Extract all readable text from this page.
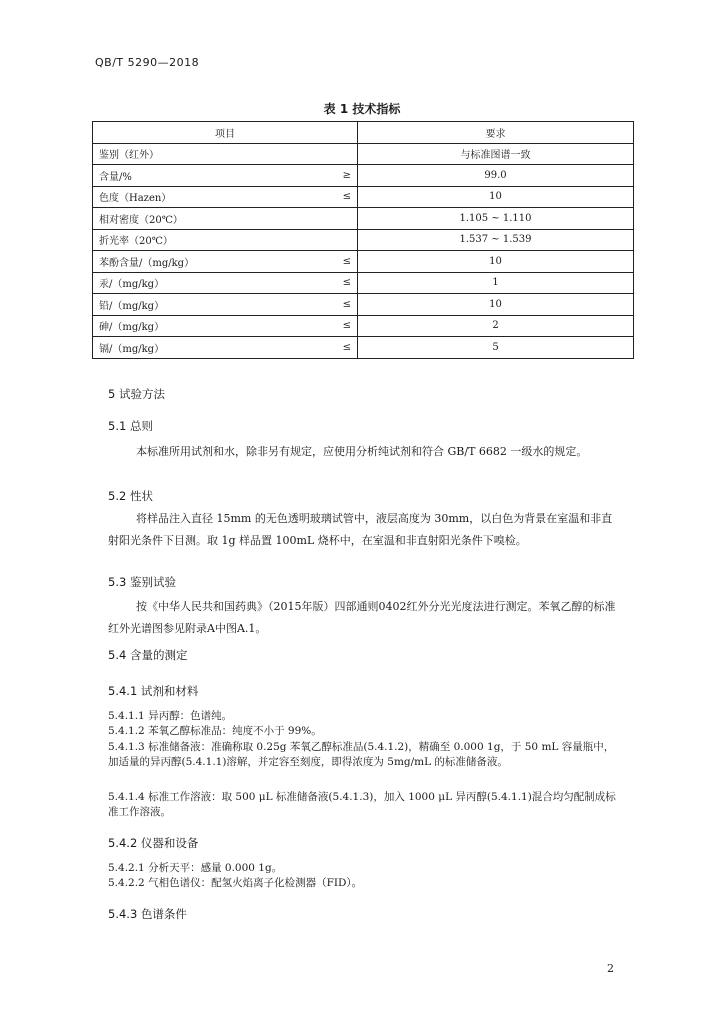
QB/T 5290—2018
表 1 技术指标
项目		要求
鉴别（红外）		与标准图谱一致
含量/%	≥	99.0
色度（Hazen）	≤	10
相对密度（20℃）		1.105 ~ 1.110
折光率（20℃）		1.537 ~ 1.539
苯酚含量/（mg/kg）	≤	10
汞/（mg/kg）	≤	1
铅/（mg/kg）	≤	10
砷/（mg/kg）	≤	2
镉/（mg/kg）	≤	5
5 试验方法
5.1 总则
本标准所用试剂和水，除非另有规定，应使用分析纯试剂和符合 GB/T 6682 一级水的规定。
5.2 性状
将样品注入直径 15mm 的无色透明玻璃试管中，液层高度为 30mm，以白色为背景在室温和非直射阳光条件下目测。取 1g 样品置 100mL 烧杯中，在室温和非直射阳光条件下嗅检。
5.3 鉴别试验
按《中华人民共和国药典》（2015年版）四部通则0402红外分光光度法进行测定。苯氧乙醇的标准红外光谱图参见附录A中图A.1。
5.4 含量的测定
5.4.1 试剂和材料
5.4.1.1 异丙醇：色谱纯。
5.4.1.2 苯氧乙醇标准品：纯度不小于 99%。
5.4.1.3 标准储备液：准确称取 0.25g 苯氧乙醇标准品(5.4.1.2)，精确至 0.000 1g，于 50 mL 容量瓶中，加适量的异丙醇(5.4.1.1)溶解，并定容至刻度，即得浓度为 5mg/mL 的标准储备液。
5.4.1.4 标准工作溶液：取 500 μL 标准储备液(5.4.1.3)，加入 1000 μL 异丙醇(5.4.1.1)混合均匀配制成标准工作溶液。
5.4.2 仪器和设备
5.4.2.1 分析天平：感量 0.000 1g。
5.4.2.2 气相色谱仪：配氢火焰离子化检测器（FID）。
5.4.3 色谱条件
2
